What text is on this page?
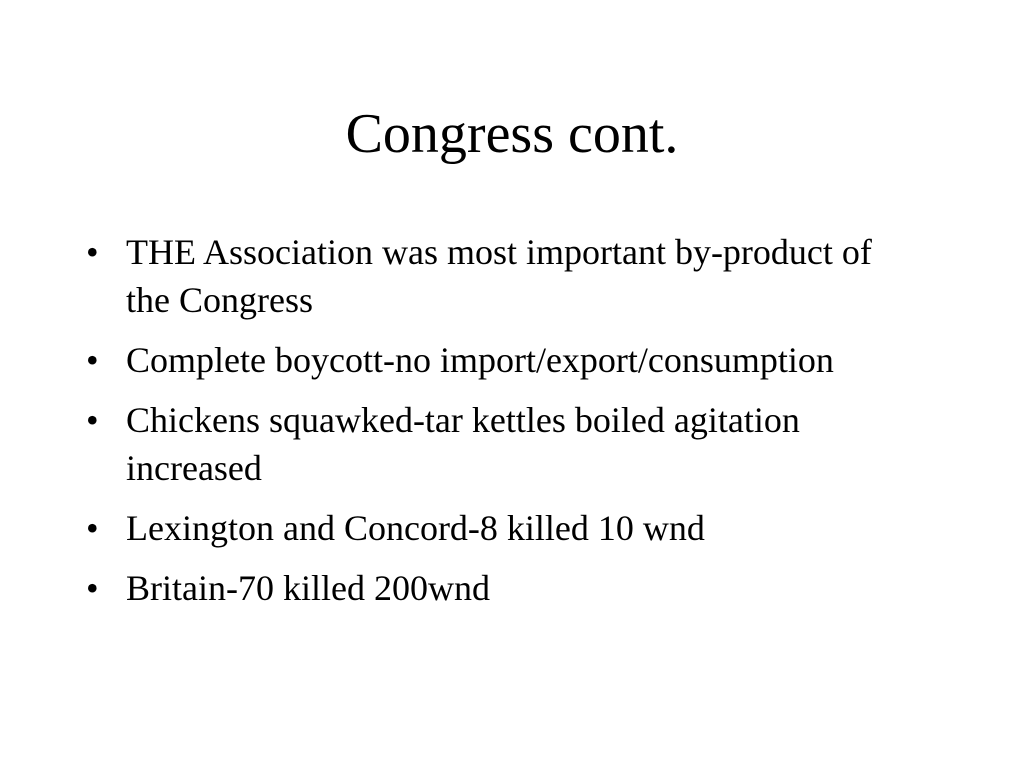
Congress cont.
• THE Association was most important by-product of the Congress
• Complete boycott-no import/export/consumption
• Chickens squawked-tar kettles boiled agitation increased
• Lexington and Concord-8 killed 10 wnd
• Britain-70 killed 200wnd
